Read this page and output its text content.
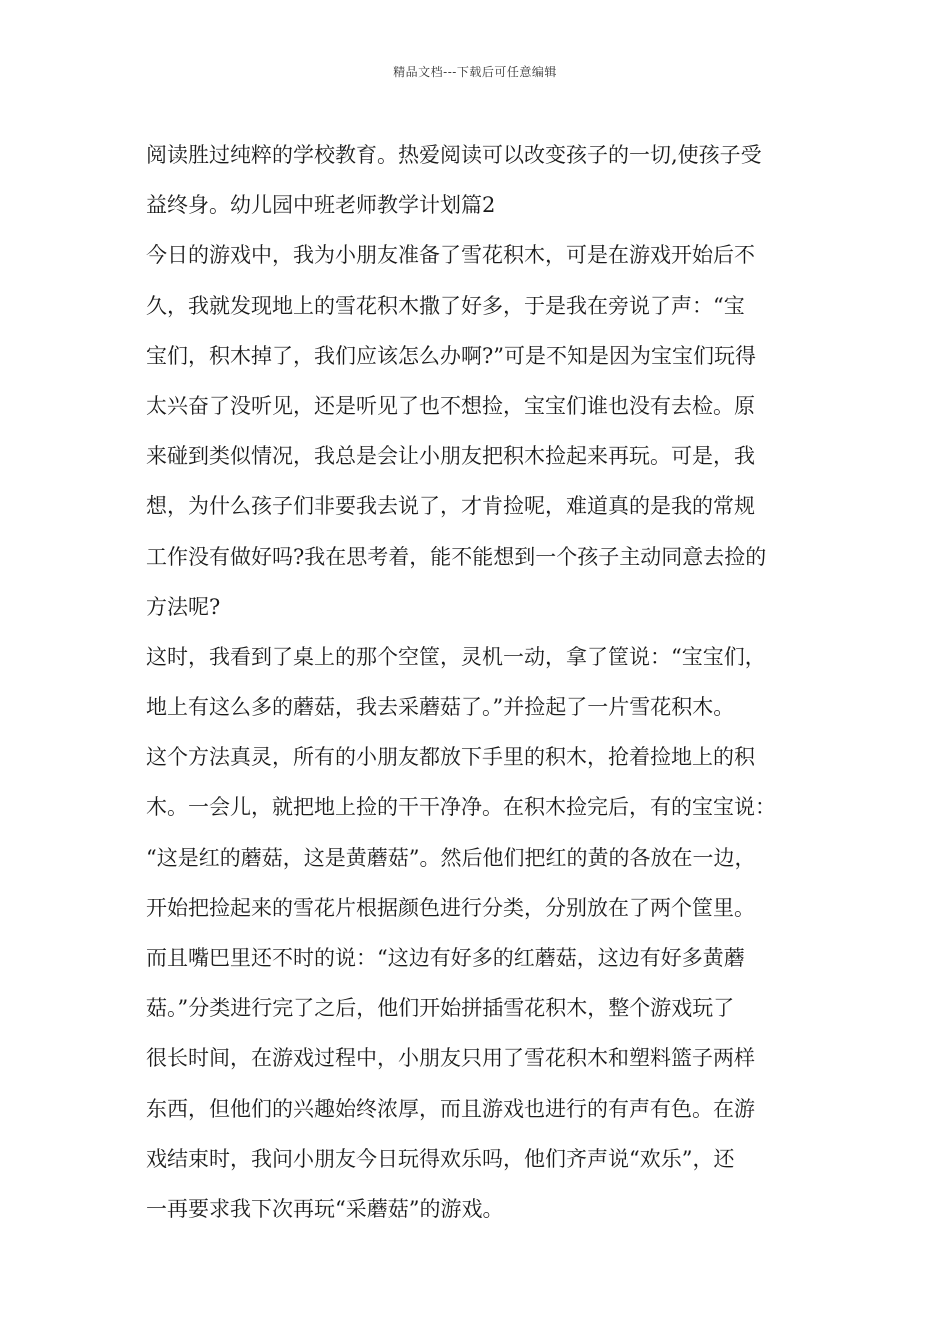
精品文档---下载后可任意编辑
阅读胜过纯粹的学校教育。热爱阅读可以改变孩子的一切,使孩子受
益终身。幼儿园中班老师教学计划篇2
今日的游戏中，我为小朋友准备了雪花积木，可是在游戏开始后不
久，我就发现地上的雪花积木撒了好多，于是我在旁说了声：“宝
宝们，积木掉了，我们应该怎么办啊?”可是不知是因为宝宝们玩得
太兴奋了没听见，还是听见了也不想捡，宝宝们谁也没有去检。原
来碰到类似情况，我总是会让小朋友把积木捡起来再玩。可是，我
想，为什么孩子们非要我去说了，才肯捡呢，难道真的是我的常规
工作没有做好吗?我在思考着，能不能想到一个孩子主动同意去捡的
方法呢?
这时，我看到了桌上的那个空筐，灵机一动，拿了筐说：“宝宝们，
地上有这么多的蘑菇，我去采蘑菇了。”并捡起了一片雪花积木。
这个方法真灵，所有的小朋友都放下手里的积木，抢着捡地上的积
木。一会儿，就把地上捡的干干净净。在积木捡完后，有的宝宝说：
“这是红的蘑菇，这是黄蘑菇”。然后他们把红的黄的各放在一边，
开始把捡起来的雪花片根据颜色进行分类，分别放在了两个筐里。
而且嘴巴里还不时的说：“这边有好多的红蘑菇，这边有好多黄蘑
菇。”分类进行完了之后，他们开始拼插雪花积木，整个游戏玩了
很长时间，在游戏过程中，小朋友只用了雪花积木和塑料篮子两样
东西，但他们的兴趣始终浓厚，而且游戏也进行的有声有色。在游
戏结束时，我问小朋友今日玩得欢乐吗，他们齐声说“欢乐”，还
一再要求我下次再玩“采蘑菇”的游戏。
